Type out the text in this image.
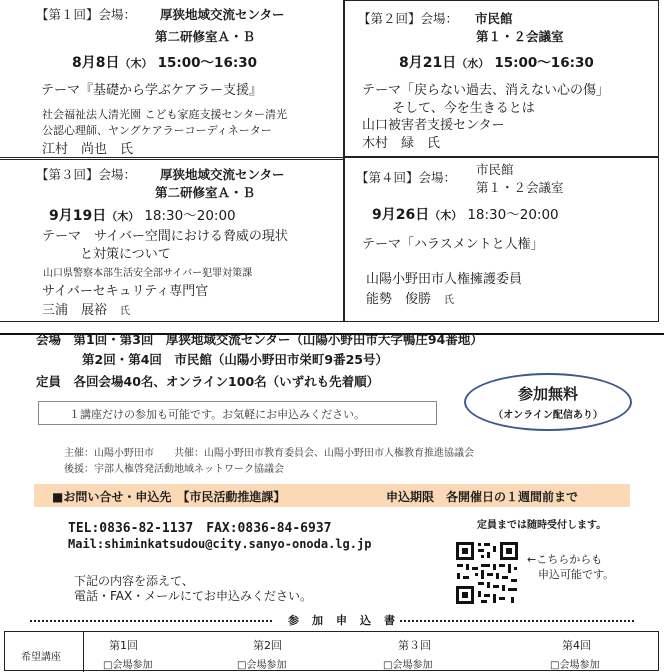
【第１回】会場： 厚狭地域交流センター
第二研修室Ａ・Ｂ
8月8日（木） 15:00～16:30
テーマ『基礎から学ぶケアラー支援』
社会福祉法人清光園 こども家庭支援センター清光
公認心理師、ヤングケアラーコーディネーター
江村　尚也　 氏
【第２回】会場： 市民館
第１・２会議室
8月21日（水） 15:00～16:30
テーマ「戻らない過去、消えない心の傷」
そして、今を生きるとは
山口被害者支援センター
木村　緑　 氏
【第３回】会場： 厚狭地域交流センター
第二研修室Ａ・Ｂ
9月19日（木） 18:30～20:00
テーマ　サイバー空間における脅威の現状
と対策について
山口県警察本部生活安全部サイバー犯罪対策課
サイバーセキュリティ専門官
三浦　展裕　 氏
【第４回】会場：
市民館
第１・２会議室
9月26日（木） 18:30～20:00
テーマ「ハラスメントと人権」
山陽小野田市人権擁護委員
能勢　俊勝　 氏
会場　 第1回・第3回　厚狭地域交流センター（山陽小野田市大字鴨庄94番地）
第2回・第4回　市民館（山陽小野田市栄町9番25号）
定員　 各回会場40名、オンライン100名（いずれも先着順）
参加無料
（オンライン配信あり）
１講座だけの参加も可能です。お気軽にお申込みください。
主催：山陽小野田市　　共催：山陽小野田市教育委員会、山陽小野田市人権教育推進協議会
後援：宇部人権啓発活動地域ネットワーク協議会
■お問い合せ・申込先　【市民活動推進課】	申込期限　各開催日の１週間前まで
TEL:0836-82-1137　 FAX:0836-84-6937
Mail:shiminkatsudou@city.sanyo-onoda.lg.jp
定員までは随時受付します。
←こちらからも
申込可能です。
下記の内容を添えて、
電話・FAX・メールにてお申込みください。
参　加　申　込　書
希望講座
第1回	第2回	第３回	第4回
□会場参加	□会場参加	□会場参加	□会場参加
